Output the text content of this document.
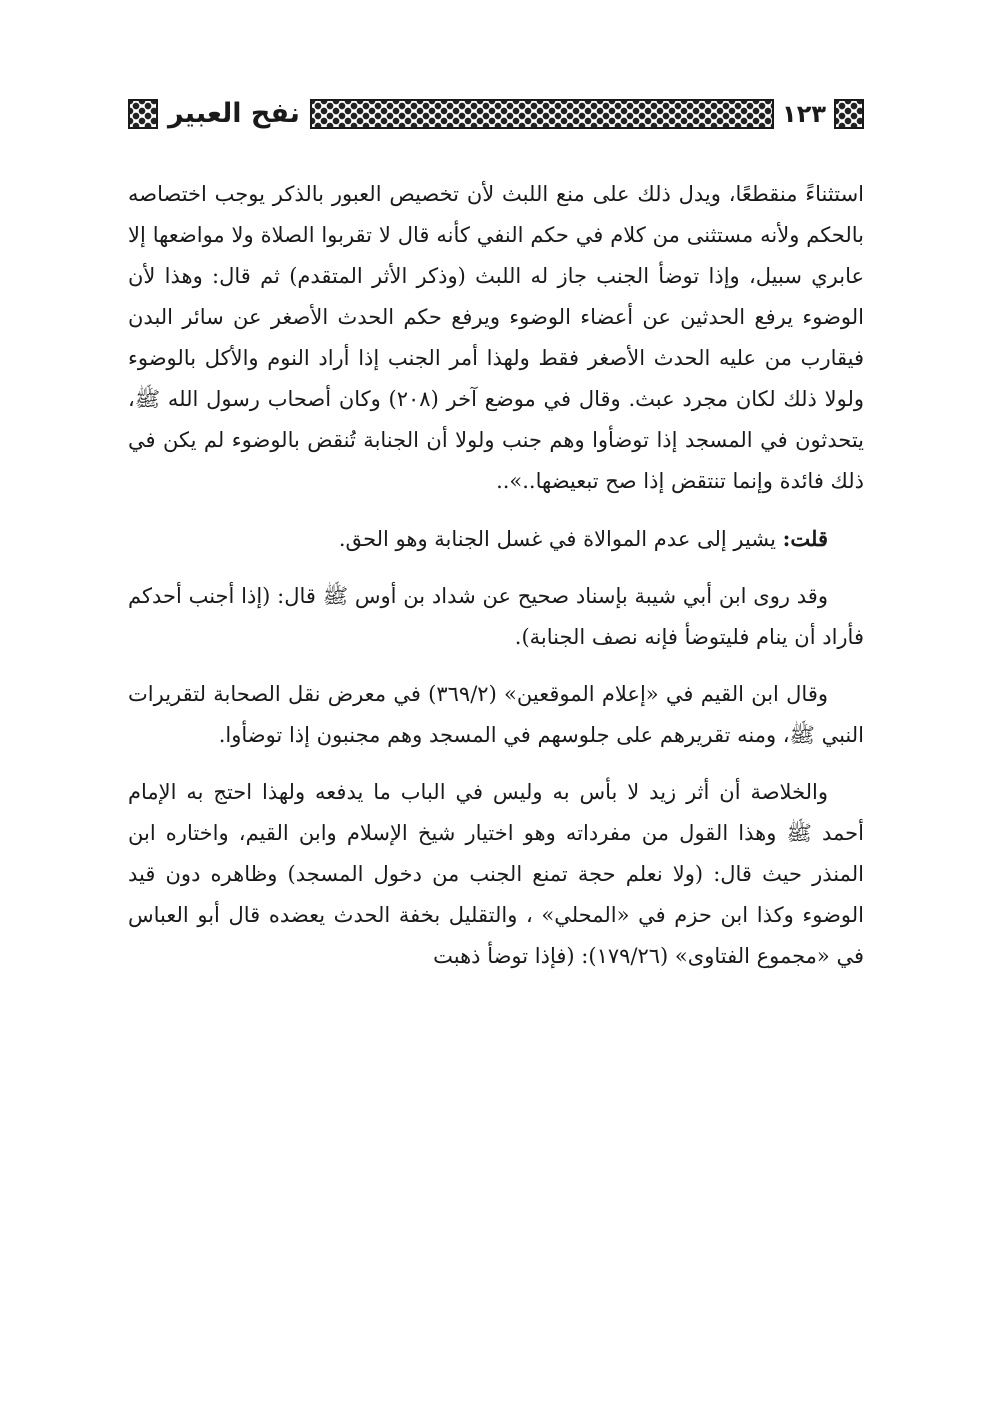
١٢٣
نفح العبير

استثناءً منقطعًا، ويدل ذلك على منع اللبث لأن تخصيص العبور بالذكر يوجب اختصاصه بالحكم ولأنه مستثنى من كلام في حكم النفي كأنه قال لا تقربوا الصلاة ولا مواضعها إلا عابري سبيل، وإذا توضأ الجنب جاز له اللبث (وذكر الأثر المتقدم) ثم قال: وهذا لأن الوضوء يرفع الحدثين عن أعضاء الوضوء ويرفع حكم الحدث الأصغر عن سائر البدن فيقارب من عليه الحدث الأصغر فقط ولهذا أمر الجنب إذا أراد النوم والأكل بالوضوء ولولا ذلك لكان مجرد عبث. وقال في موضع آخر (٢٠٨) وكان أصحاب رسول الله ﷺ، يتحدثون في المسجد إذا توضأوا وهم جنب ولولا أن الجنابة تُنقض بالوضوء لم يكن في ذلك فائدة وإنما تنتقض إذا صح تبعيضها..»..

قلت: يشير إلى عدم الموالاة في غسل الجنابة وهو الحق.

وقد روى ابن أبي شيبة بإسناد صحيح عن شداد بن أوس ﷺ قال: (إذا أجنب أحدكم فأراد أن ينام فليتوضأ فإنه نصف الجنابة).

وقال ابن القيم في «إعلام الموقعين» (٣٦٩/٢) في معرض نقل الصحابة لتقريرات النبي ﷺ، ومنه تقريرهم على جلوسهم في المسجد وهم مجنبون إذا توضأوا.

والخلاصة أن أثر زيد لا بأس به وليس في الباب ما يدفعه ولهذا احتج به الإمام أحمد ﷺ وهذا القول من مفرداته وهو اختيار شيخ الإسلام وابن القيم، واختاره ابن المنذر حيث قال: (ولا نعلم حجة تمنع الجنب من دخول المسجد) وظاهره دون قيد الوضوء وكذا ابن حزم في «المحلي» ، والتقليل بخفة الحدث يعضده قال أبو العباس في «مجموع الفتاوى» (١٧٩/٢٦): (فإذا توضأ ذهبت
